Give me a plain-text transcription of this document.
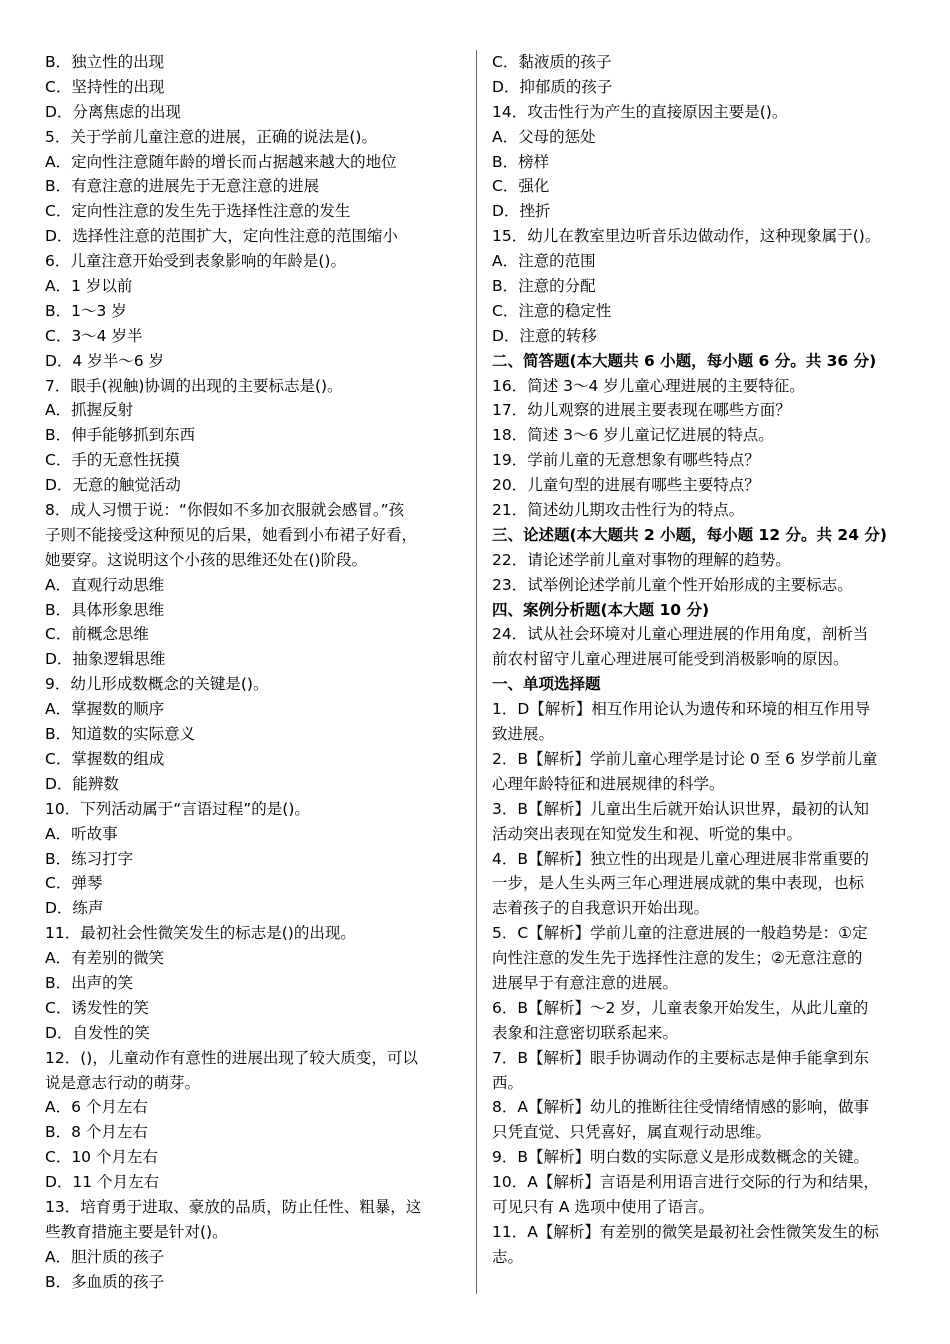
B．独立性的出现
C．坚持性的出现
D．分离焦虑的出现
5．关于学前儿童注意的进展，正确的说法是()。
A．定向性注意随年龄的增长而占据越来越大的地位
B．有意注意的进展先于无意注意的进展
C．定向性注意的发生先于选择性注意的发生
D．选择性注意的范围扩大，定向性注意的范围缩小
6．儿童注意开始受到表象影响的年龄是()。
A．1 岁以前
B．1～3 岁
C．3～4 岁半
D．4 岁半～6 岁
7．眼手(视触)协调的出现的主要标志是()。
A．抓握反射
B．伸手能够抓到东西
C．手的无意性抚摸
D．无意的触觉活动
8．成人习惯于说：“你假如不多加衣服就会感冒。”孩
子则不能接受这种预见的后果，她看到小布裙子好看，
她要穿。这说明这个小孩的思维还处在()阶段。
A．直观行动思维
B．具体形象思维
C．前概念思维
D．抽象逻辑思维
9．幼儿形成数概念的关键是()。
A．掌握数的顺序
B．知道数的实际意义
C．掌握数的组成
D．能辨数
10．下列活动属于“言语过程”的是()。
A．听故事
B．练习打字
C．弹琴
D．练声
11．最初社会性微笑发生的标志是()的出现。
A．有差别的微笑
B．出声的笑
C．诱发性的笑
D．自发性的笑
12．()，儿童动作有意性的进展出现了较大质变，可以
说是意志行动的萌芽。
A．6 个月左右
B．8 个月左右
C．10 个月左右
D．11 个月左右
13．培育勇于进取、豪放的品质，防止任性、粗暴，这
些教育措施主要是针对()。
A．胆汁质的孩子
B．多血质的孩子
C．黏液质的孩子
D．抑郁质的孩子
14．攻击性行为产生的直接原因主要是()。
A．父母的惩处
B．榜样
C．强化
D．挫折
15．幼儿在教室里边听音乐边做动作，这种现象属于()。
A．注意的范围
B．注意的分配
C．注意的稳定性
D．注意的转移
二、简答题(本大题共 6 小题，每小题 6 分。共 36 分)
16．简述 3～4 岁儿童心理进展的主要特征。
17．幼儿观察的进展主要表现在哪些方面？
18．简述 3～6 岁儿童记忆进展的特点。
19．学前儿童的无意想象有哪些特点？
20．儿童句型的进展有哪些主要特点？
21．简述幼儿期攻击性行为的特点。
三、论述题(本大题共 2 小题，每小题 12 分。共 24 分)
22．请论述学前儿童对事物的理解的趋势。
23．试举例论述学前儿童个性开始形成的主要标志。
四、案例分析题(本大题 10 分)
24．试从社会环境对儿童心理进展的作用角度，剖析当
前农村留守儿童心理进展可能受到消极影响的原因。
一、单项选择题
1．D【解析】相互作用论认为遗传和环境的相互作用导
致进展。
2．B【解析】学前儿童心理学是讨论 0 至 6 岁学前儿童
心理年龄特征和进展规律的科学。
3．B【解析】儿童出生后就开始认识世界，最初的认知
活动突出表现在知觉发生和视、听觉的集中。
4．B【解析】独立性的出现是儿童心理进展非常重要的
一步，是人生头两三年心理进展成就的集中表现，也标
志着孩子的自我意识开始出现。
5．C【解析】学前儿童的注意进展的一般趋势是：①定
向性注意的发生先于选择性注意的发生；②无意注意的
进展早于有意注意的进展。
6．B【解析】～2 岁，儿童表象开始发生，从此儿童的
表象和注意密切联系起来。
7．B【解析】眼手协调动作的主要标志是伸手能拿到东
西。
8．A【解析】幼儿的推断往往受情绪情感的影响，做事
只凭直觉、只凭喜好，属直观行动思维。
9．B【解析】明白数的实际意义是形成数概念的关键。
10．A【解析】言语是利用语言进行交际的行为和结果，
可见只有 A 选项中使用了语言。
11．A【解析】有差别的微笑是最初社会性微笑发生的标
志。
